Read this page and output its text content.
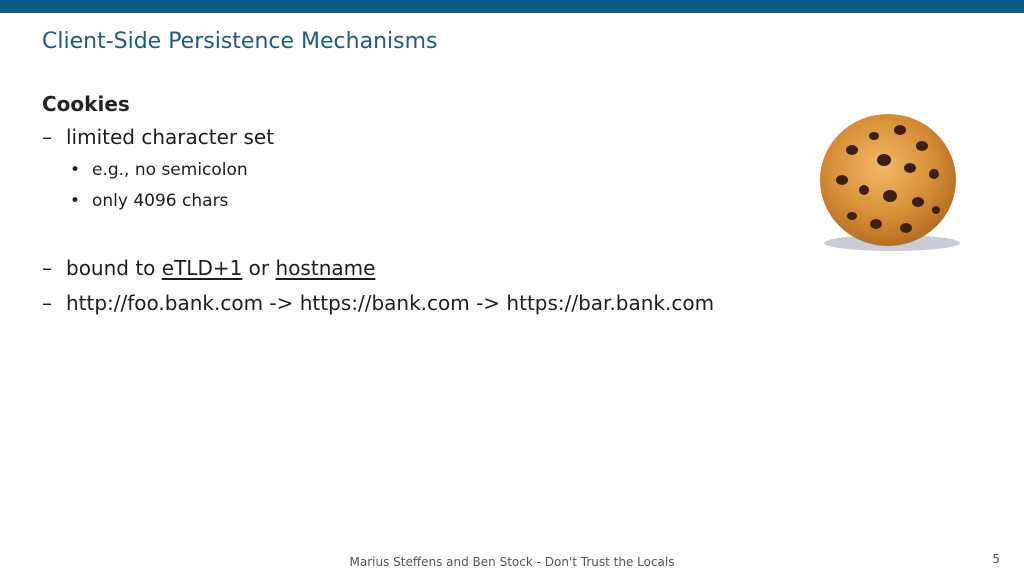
Client-Side Persistence Mechanisms
Cookies
– limited character set
• e.g., no semicolon
• only 4096 chars
– bound to eTLD+1 or hostname
– http://foo.bank.com -> https://bank.com -> https://bar.bank.com
Marius Steffens and Ben Stock - Don't Trust the Locals	5
